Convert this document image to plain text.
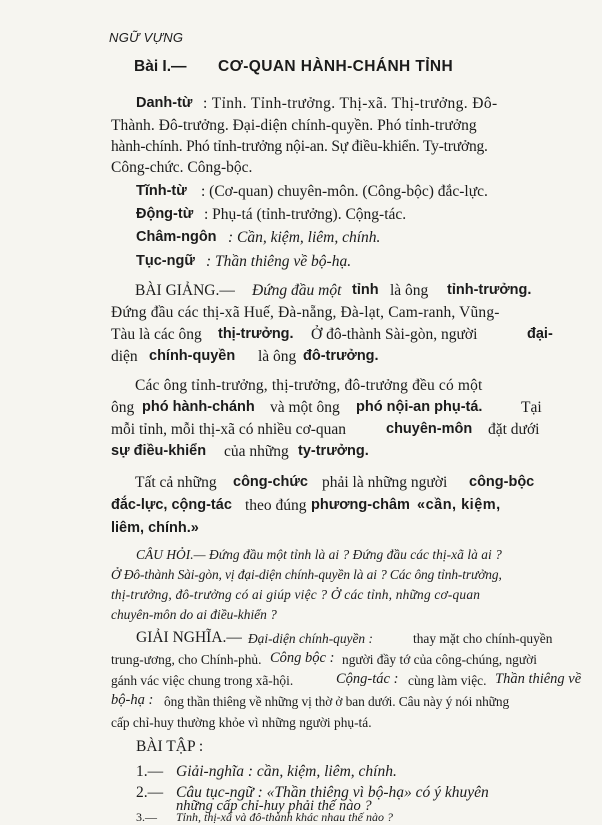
NGỮ VỰNG
Bài I.— CƠ-QUAN HÀNH-CHÁNH TỈNH
Danh-từ : Tỉnh. Tỉnh-trưởng. Thị-xã. Thị-trưởng. Đô-
Thành. Đô-trưởng. Đại-diện chính-quyền. Phó tỉnh-trưởng
hành-chính. Phó tỉnh-trưởng nội-an. Sự điều-khiển. Ty-trưởng.
Công-chức. Công-bộc.
Tĩnh-từ : (Cơ-quan) chuyên-môn. (Công-bộc) đắc-lực.
Động-từ : Phụ-tá (tỉnh-trưởng). Cộng-tác.
Châm-ngôn : Cần, kiệm, liêm, chính.
Tục-ngữ : Thần thiêng về bộ-hạ.
BÀI GIẢNG.— Đứng đầu một tỉnh là ông tỉnh-trưởng.
Đứng đầu các thị-xã Huế, Đà-nẵng, Đà-lạt, Cam-ranh, Vũng-
Tàu là các ông thị-trưởng. Ở đô-thành Sài-gòn, người	đại-
diện chính-quyền là ông đô-trưởng.
Các ông tỉnh-trưởng, thị-trưởng, đô-trưởng đều có một
ông phó hành-chánh và một ông phó nội-an phụ-tá. Tại
mỗi tỉnh, mỗi thị-xã có nhiều cơ-quan	chuyên-môn đặt dưới
sự điều-khiển của những ty-trưởng.
Tất cả những công-chức phải là những người công-bộc
đắc-lực, cộng-tác theo đúng phương-châm «cần, kiệm,
liêm, chính.»
CÂU HỎI.— Đứng đầu một tỉnh là ai ? Đứng đầu các thị-xã là ai ?
Ở Đô-thành Sài-gòn, vị đại-diện chính-quyền là ai ? Các ông tỉnh-trưởng,
thị-trưởng, đô-trưởng có ai giúp việc ? Ở các tỉnh, những cơ-quan
chuyên-môn do ai điều-khiển ?
GIẢI NGHĨA.— Đại-diện chính-quyền :	thay mặt cho chính-quyền
trung-ương, cho Chính-phủ. Công bộc : người đầy tớ của công-chúng, người
gánh vác việc chung trong xã-hội.	Cộng-tác : cùng làm việc. Thần thiêng về
bộ-hạ : ông thần thiêng về những vị thờ ở ban dưới. Câu này ý nói những
cấp chỉ-huy thường khỏe vì những người phụ-tá.
BÀI TẬP :
1.— Giải-nghĩa : cần, kiệm, liêm, chính.
2.— Câu tục-ngữ : «Thần thiêng vì bộ-hạ» có ý khuyên
những cấp chỉ-huy phải thế nào ?
3.— Tỉnh, thị-xã và đô-thành khác nhau thế nào ?
